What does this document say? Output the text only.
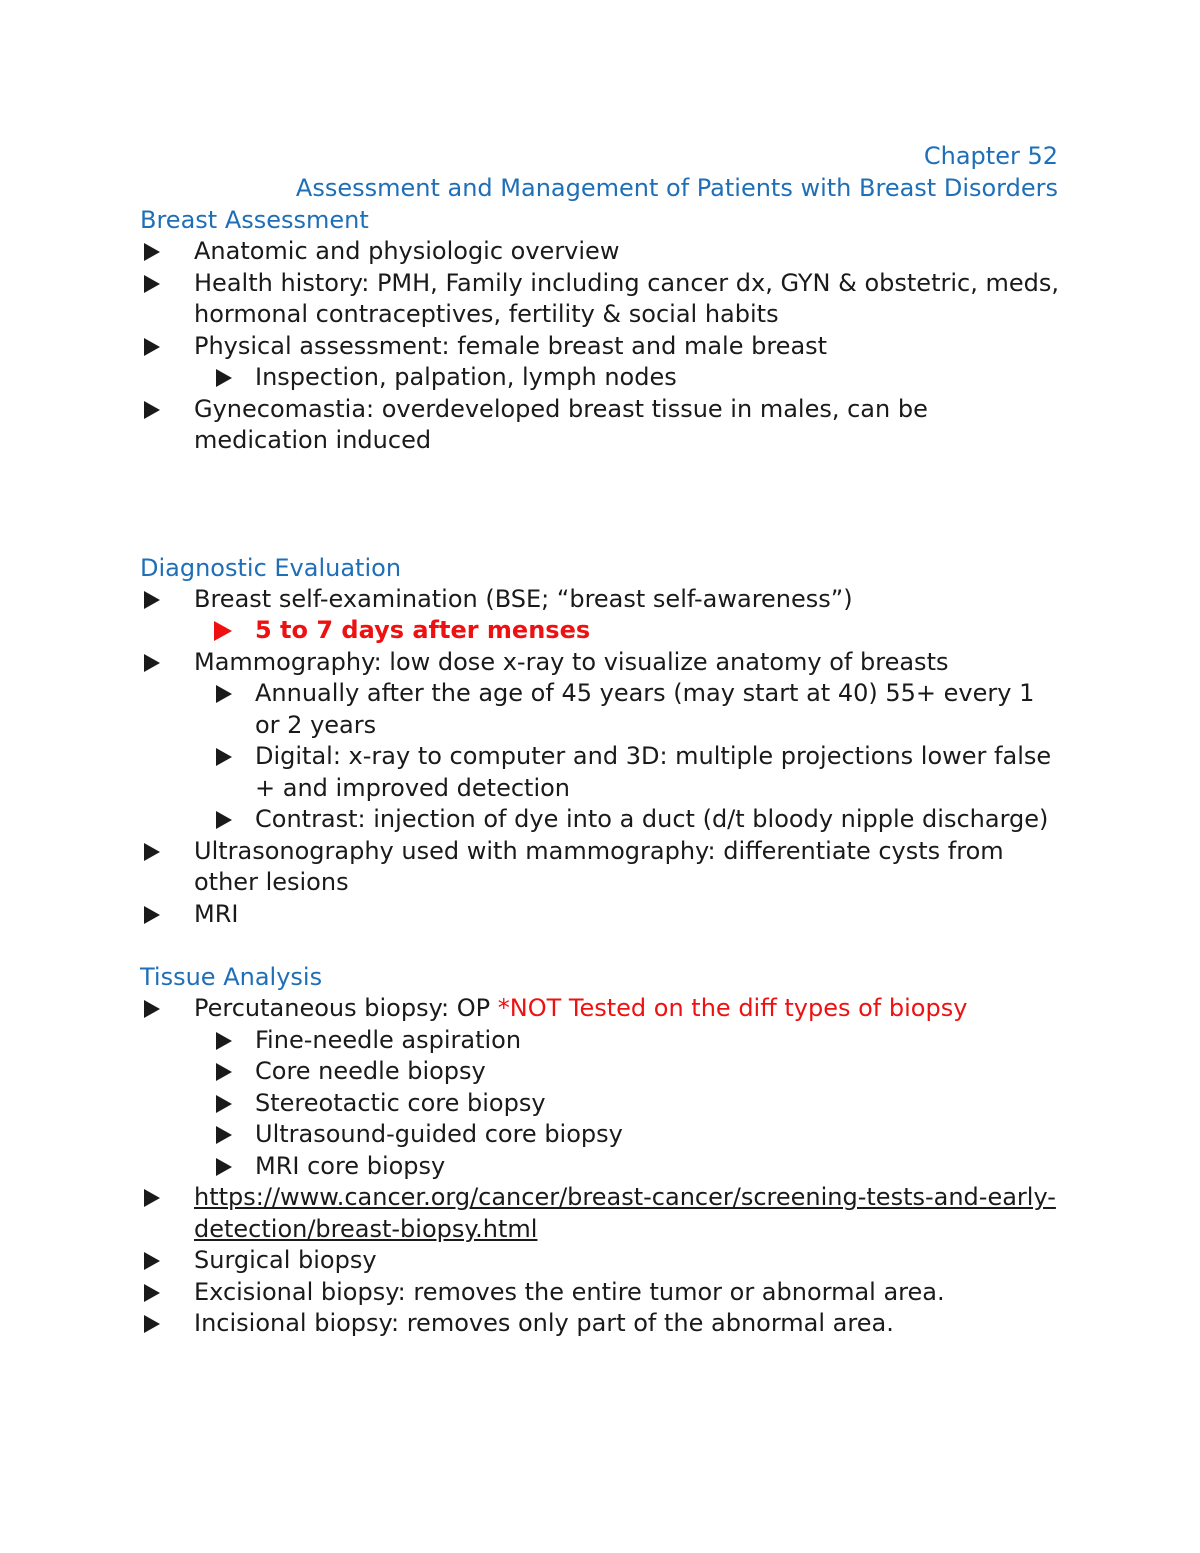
Chapter 52
Assessment and Management of Patients with Breast Disorders
Breast Assessment
Anatomic and physiologic overview
Health history: PMH, Family including cancer dx, GYN & obstetric, meds, hormonal contraceptives, fertility & social habits
Physical assessment: female breast and male breast
Inspection, palpation, lymph nodes
Gynecomastia: overdeveloped breast tissue in males, can be medication induced
Diagnostic Evaluation
Breast self-examination (BSE; “breast self-awareness”)
5 to 7 days after menses
Mammography: low dose x-ray to visualize anatomy of breasts
Annually after the age of 45 years (may start at 40) 55+ every 1 or 2 years
Digital: x-ray to computer and 3D: multiple projections lower false + and improved detection
Contrast: injection of dye into a duct (d/t bloody nipple discharge)
Ultrasonography used with mammography: differentiate cysts from other lesions
MRI
Tissue Analysis
Percutaneous biopsy: OP *NOT Tested on the diff types of biopsy
Fine-needle aspiration
Core needle biopsy
Stereotactic core biopsy
Ultrasound-guided core biopsy
MRI core biopsy
https://www.cancer.org/cancer/breast-cancer/screening-tests-and-early-detection/breast-biopsy.html
Surgical biopsy
Excisional biopsy: removes the entire tumor or abnormal area.
Incisional biopsy: removes only part of the abnormal area.
